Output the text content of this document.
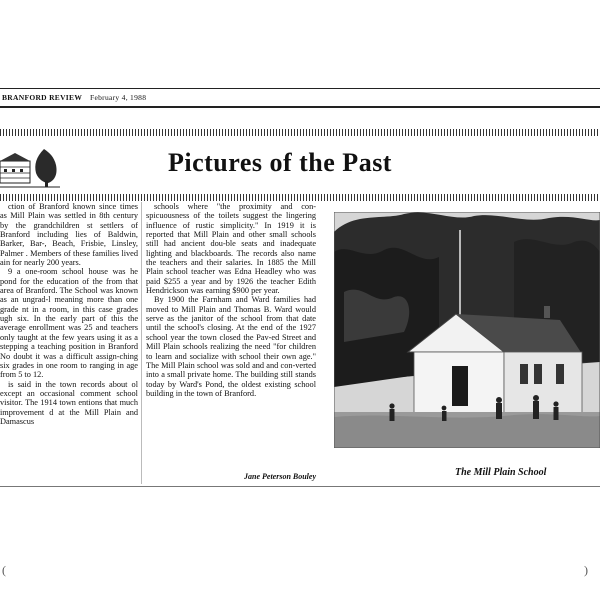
BRANFORD REVIEW February 4, 1988
Pictures of the Past

ction of Branford known since times as Mill Plain was settled in 8th century by the grandchildren st settlers of Branford including lies of Baldwin, Barker, Bar-, Beach, Frisbie, Linsley, Palmer . Members of these families lived ain for nearly 200 years.

9 a one-room school house was he pond for the education of the from that area of Branford. The School was known as an ungrad-l meaning more than one grade nt in a room, in this case grades ugh six. In the early part of this the average enrollment was 25 and teachers only taught at the few years using it as a stepping a teaching position in Branford No doubt it was a difficult assign-ching six grades in one room to ranging in age from 5 to 12.

is said in the town records about ol except an occasional comment school visitor. The 1914 town entions that much improvement d at the Mill Plain and Damascus

schools where "the proximity and con-spicuousness of the toilets suggest the lingering influence of rustic simplicity." In 1919 it is reported that Mill Plain and other small schools still had ancient dou-ble seats and inadequate lighting and blackboards. The records also name the teachers and their salaries. In 1885 the Mill Plain school teacher was Edna Headley who was paid $255 a year and by 1926 the teacher Edith Hendrickson was earning $900 per year.

By 1900 the Farnham and Ward families had moved to Mill Plain and Thomas B. Ward would serve as the janitor of the school from that date until the school's closing. At the end of the 1927 school year the town closed the Pav-ed Street and Mill Plain schools realizing the need "for children to learn and socialize with school their own age." The Mill Plain school was sold and and con-verted into a small private home. The building still stands today by Ward's Pond, the oldest existing school building in the town of Branford.

Jane Peterson Bouley	The Mill Plain School
(	)
